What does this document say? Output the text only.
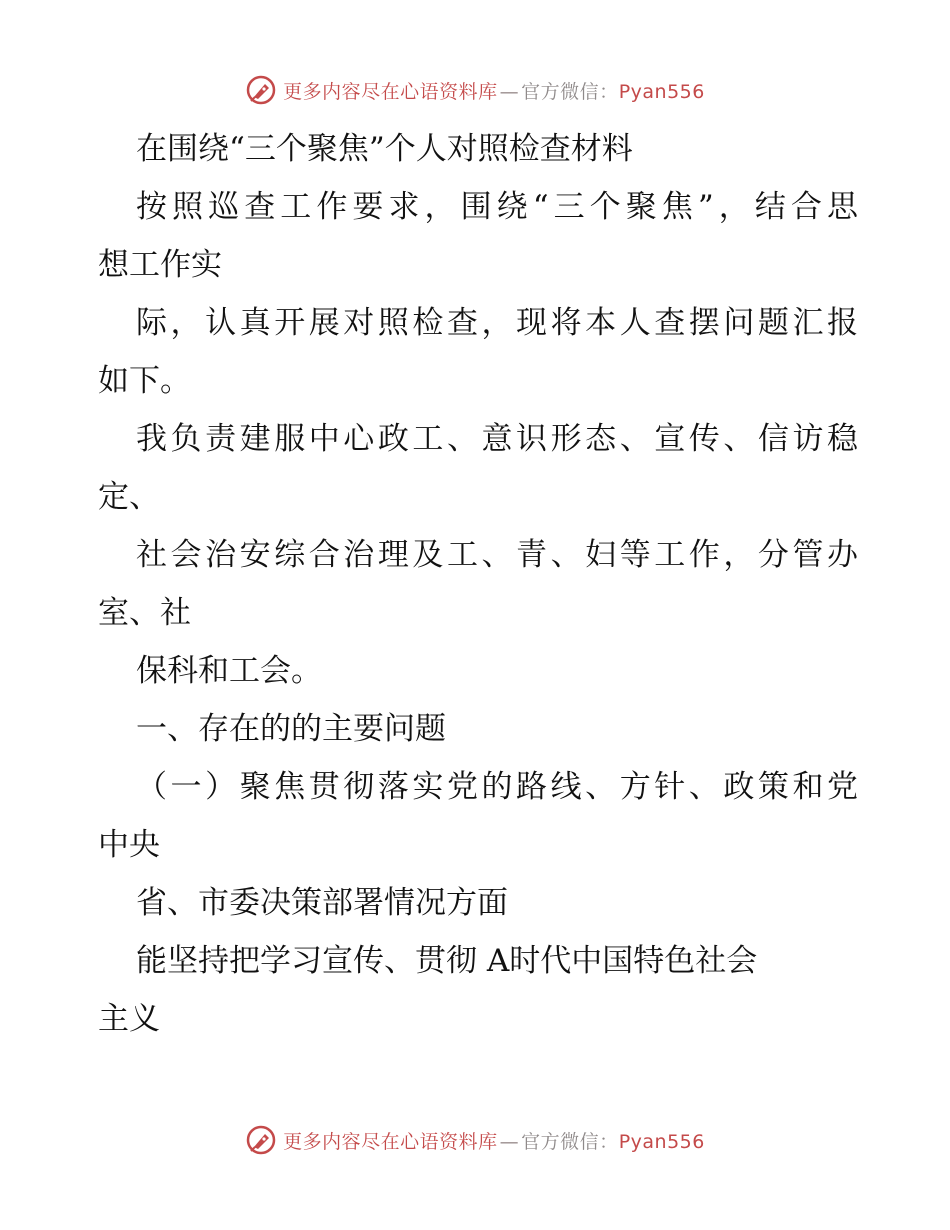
更多内容尽在心语资料库 — 官方微信： Pyan556
在围绕“三个聚焦”个人对照检查材料
按照巡查工作要求，围绕“三个聚焦”，结合思
想工作实
际，认真开展对照检查，现将本人查摆问题汇报
如下。
我负责建服中心政工、意识形态、宣传、信访稳
定、
社会治安综合治理及工、青、妇等工作，分管办
室、社
保科和工会。
一、存在的的主要问题
（一）聚焦贯彻落实党的路线、方针、政策和党
中央
省、市委决策部署情况方面
能坚持把学习宣传、贯彻 A时代中国特色社会
主义
更多内容尽在心语资料库 — 官方微信： Pyan556
